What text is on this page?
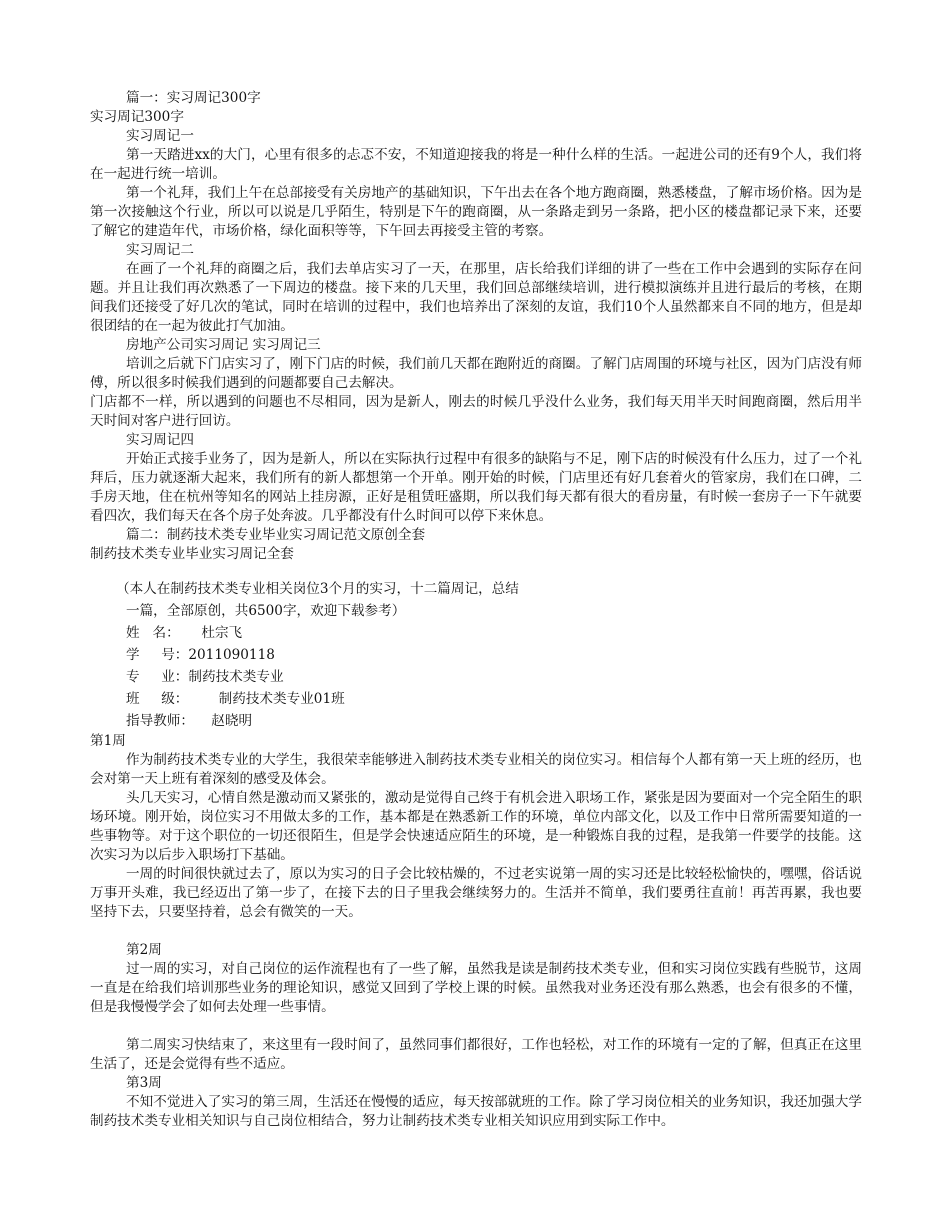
篇一：实习周记300字

实习周记300字

实习周记一

第一天踏进xx的大门，心里有很多的忐忑不安，不知道迎接我的将是一种什么样的生活。一起进公司的还有9个人，我们将在一起进行统一培训。

第一个礼拜，我们上午在总部接受有关房地产的基础知识，下午出去在各个地方跑商圈，熟悉楼盘，了解市场价格。因为是第一次接触这个行业，所以可以说是几乎陌生，特别是下午的跑商圈，从一条路走到另一条路，把小区的楼盘都记录下来，还要了解它的建造年代，市场价格，绿化面积等等，下午回去再接受主管的考察。

实习周记二

在画了一个礼拜的商圈之后，我们去单店实习了一天，在那里，店长给我们详细的讲了一些在工作中会遇到的实际存在问题。并且让我们再次熟悉了一下周边的楼盘。接下来的几天里，我们回总部继续培训，进行模拟演练并且进行最后的考核，在期间我们还接受了好几次的笔试，同时在培训的过程中，我们也培养出了深刻的友谊，我们10个人虽然都来自不同的地方，但是却很团结的在一起为彼此打气加油。

房地产公司实习周记 实习周记三

培训之后就下门店实习了，刚下门店的时候，我们前几天都在跑附近的商圈。了解门店周围的环境与社区，因为门店没有师傅，所以很多时候我们遇到的问题都要自己去解决。

门店都不一样，所以遇到的问题也不尽相同，因为是新人，刚去的时候几乎没什么业务，我们每天用半天时间跑商圈，然后用半天时间对客户进行回访。

实习周记四

开始正式接手业务了，因为是新人，所以在实际执行过程中有很多的缺陷与不足，刚下店的时候没有什么压力，过了一个礼拜后，压力就逐渐大起来，我们所有的新人都想第一个开单。刚开始的时候，门店里还有好几套着火的管家房，我们在口碑，二手房天地，住在杭州等知名的网站上挂房源，正好是租赁旺盛期，所以我们每天都有很大的看房量，有时候一套房子一下午就要看四次，我们每天在各个房子处奔波。几乎都没有什么时间可以停下来休息。

篇二：制药技术类专业毕业实习周记范文原创全套

制药技术类专业毕业实习周记全套

（本人在制药技术类专业相关岗位3个月的实习，十二篇周记，总结

一篇，全部原创，共6500字，欢迎下载参考）

姓   名：     杜宗飞

学     号：2011090118

专     业：制药技术类专业

班     级：       制药技术类专业01班

指导教师：    赵晓明

第1周

作为制药技术类专业的大学生，我很荣幸能够进入制药技术类专业相关的岗位实习。相信每个人都有第一天上班的经历，也会对第一天上班有着深刻的感受及体会。

头几天实习，心情自然是激动而又紧张的，激动是觉得自己终于有机会进入职场工作，紧张是因为要面对一个完全陌生的职场环境。刚开始，岗位实习不用做太多的工作，基本都是在熟悉新工作的环境，单位内部文化，以及工作中日常所需要知道的一些事物等。对于这个职位的一切还很陌生，但是学会快速适应陌生的环境，是一种锻炼自我的过程，是我第一件要学的技能。这次实习为以后步入职场打下基础。

一周的时间很快就过去了，原以为实习的日子会比较枯燥的，不过老实说第一周的实习还是比较轻松愉快的，嘿嘿，俗话说万事开头难，我已经迈出了第一步了，在接下去的日子里我会继续努力的。生活并不简单，我们要勇往直前！再苦再累，我也要坚持下去，只要坚持着，总会有微笑的一天。

第2周

过一周的实习，对自己岗位的运作流程也有了一些了解，虽然我是读是制药技术类专业，但和实习岗位实践有些脱节，这周一直是在给我们培训那些业务的理论知识，感觉又回到了学校上课的时候。虽然我对业务还没有那么熟悉，也会有很多的不懂，但是我慢慢学会了如何去处理一些事情。

第二周实习快结束了，来这里有一段时间了，虽然同事们都很好，工作也轻松，对工作的环境有一定的了解，但真正在这里生活了，还是会觉得有些不适应。

第3周

不知不觉进入了实习的第三周，生活还在慢慢的适应，每天按部就班的工作。除了学习岗位相关的业务知识，我还加强大学制药技术类专业相关知识与自己岗位相结合，努力让制药技术类专业相关知识应用到实际工作中。
